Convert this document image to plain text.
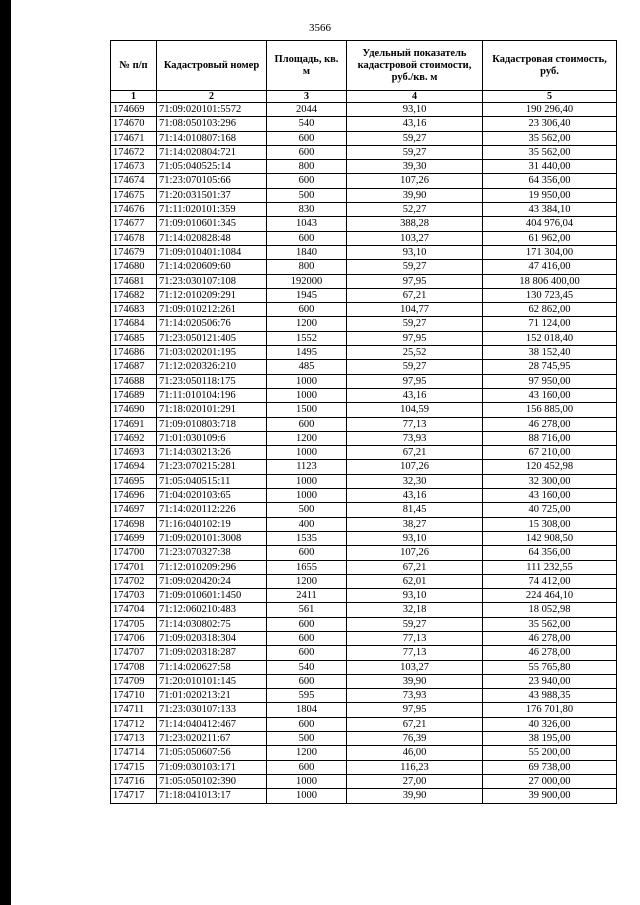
3566
№ п/п	Кадастровый номер	Площадь, кв. м	Удельный показатель кадастровой стоимости, руб./кв. м	Кадастровая стоимость, руб.
1	2	3	4	5
174669	71:09:020101:5572	2044	93,10	190 296,40
174670	71:08:050103:296	540	43,16	23 306,40
174671	71:14:010807:168	600	59,27	35 562,00
174672	71:14:020804:721	600	59,27	35 562,00
174673	71:05:040525:14	800	39,30	31 440,00
174674	71:23:070105:66	600	107,26	64 356,00
174675	71:20:031501:37	500	39,90	19 950,00
174676	71:11:020101:359	830	52,27	43 384,10
174677	71:09:010601:345	1043	388,28	404 976,04
174678	71:14:020828:48	600	103,27	61 962,00
174679	71:09:010401:1084	1840	93,10	171 304,00
174680	71:14:020609:60	800	59,27	47 416,00
174681	71:23:030107:108	192000	97,95	18 806 400,00
174682	71:12:010209:291	1945	67,21	130 723,45
174683	71:09:010212:261	600	104,77	62 862,00
174684	71:14:020506:76	1200	59,27	71 124,00
174685	71:23:050121:405	1552	97,95	152 018,40
174686	71:03:020201:195	1495	25,52	38 152,40
174687	71:12:020326:210	485	59,27	28 745,95
174688	71:23:050118:175	1000	97,95	97 950,00
174689	71:11:010104:196	1000	43,16	43 160,00
174690	71:18:020101:291	1500	104,59	156 885,00
174691	71:09:010803:718	600	77,13	46 278,00
174692	71:01:030109:6	1200	73,93	88 716,00
174693	71:14:030213:26	1000	67,21	67 210,00
174694	71:23:070215:281	1123	107,26	120 452,98
174695	71:05:040515:11	1000	32,30	32 300,00
174696	71:04:020103:65	1000	43,16	43 160,00
174697	71:14:020112:226	500	81,45	40 725,00
174698	71:16:040102:19	400	38,27	15 308,00
174699	71:09:020101:3008	1535	93,10	142 908,50
174700	71:23:070327:38	600	107,26	64 356,00
174701	71:12:010209:296	1655	67,21	111 232,55
174702	71:09:020420:24	1200	62,01	74 412,00
174703	71:09:010601:1450	2411	93,10	224 464,10
174704	71:12:060210:483	561	32,18	18 052,98
174705	71:14:030802:75	600	59,27	35 562,00
174706	71:09:020318:304	600	77,13	46 278,00
174707	71:09:020318:287	600	77,13	46 278,00
174708	71:14:020627:58	540	103,27	55 765,80
174709	71:20:010101:145	600	39,90	23 940,00
174710	71:01:020213:21	595	73,93	43 988,35
174711	71:23:030107:133	1804	97,95	176 701,80
174712	71:14:040412:467	600	67,21	40 326,00
174713	71:23:020211:67	500	76,39	38 195,00
174714	71:05:050607:56	1200	46,00	55 200,00
174715	71:09:030103:171	600	116,23	69 738,00
174716	71:05:050102:390	1000	27,00	27 000,00
174717	71:18:041013:17	1000	39,90	39 900,00
